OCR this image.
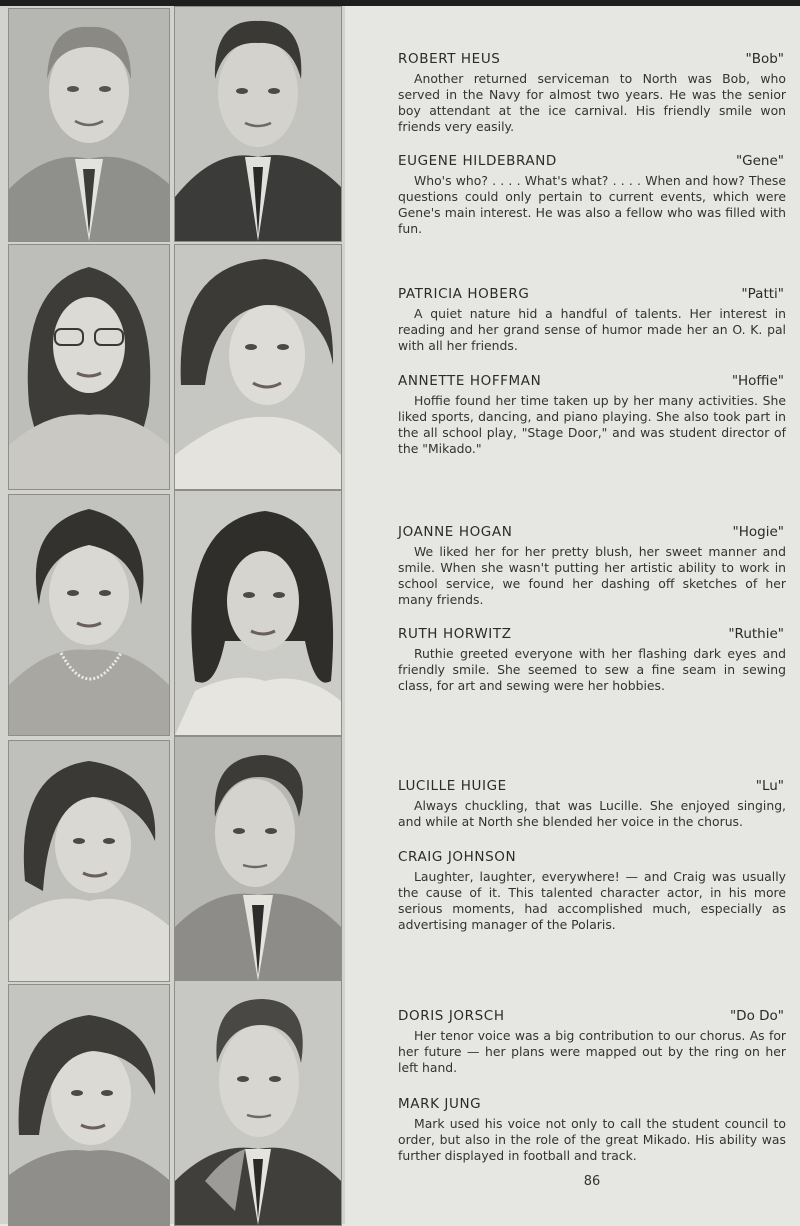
ROBERT HEUS	"Bob"

Another returned serviceman to North was Bob, who served in the Navy for almost two years. He was the senior boy attendant at the ice carnival. His friendly smile won friends very easily.

EUGENE HILDEBRAND	"Gene"

Who's who? . . . . What's what? . . . . When and how? These questions could only pertain to current events, which were Gene's main interest. He was also a fellow who was filled with fun.

PATRICIA HOBERG	"Patti"

A quiet nature hid a handful of talents. Her interest in reading and her grand sense of humor made her an O. K. pal with all her friends.

ANNETTE HOFFMAN	"Hoffie"

Hoffie found her time taken up by her many activities. She liked sports, dancing, and piano playing. She also took part in the all school play, "Stage Door," and was student director of the "Mikado."

JOANNE HOGAN	"Hogie"

We liked her for her pretty blush, her sweet manner and smile. When she wasn't putting her artistic ability to work in school service, we found her dashing off sketches of her many friends.

RUTH HORWITZ	"Ruthie"

Ruthie greeted everyone with her flashing dark eyes and friendly smile. She seemed to sew a fine seam in sewing class, for art and sewing were her hobbies.

LUCILLE HUIGE	"Lu"

Always chuckling, that was Lucille. She enjoyed singing, and while at North she blended her voice in the chorus.

CRAIG JOHNSON

Laughter, laughter, everywhere! — and Craig was usually the cause of it. This talented character actor, in his more serious moments, had accomplished much, especially as advertising manager of the Polaris.

DORIS JORSCH	"Do Do"

Her tenor voice was a big contribution to our chorus. As for her future — her plans were mapped out by the ring on her left hand.

MARK JUNG

Mark used his voice not only to call the student council to order, but also in the role of the great Mikado. His ability was further displayed in football and track.

86
